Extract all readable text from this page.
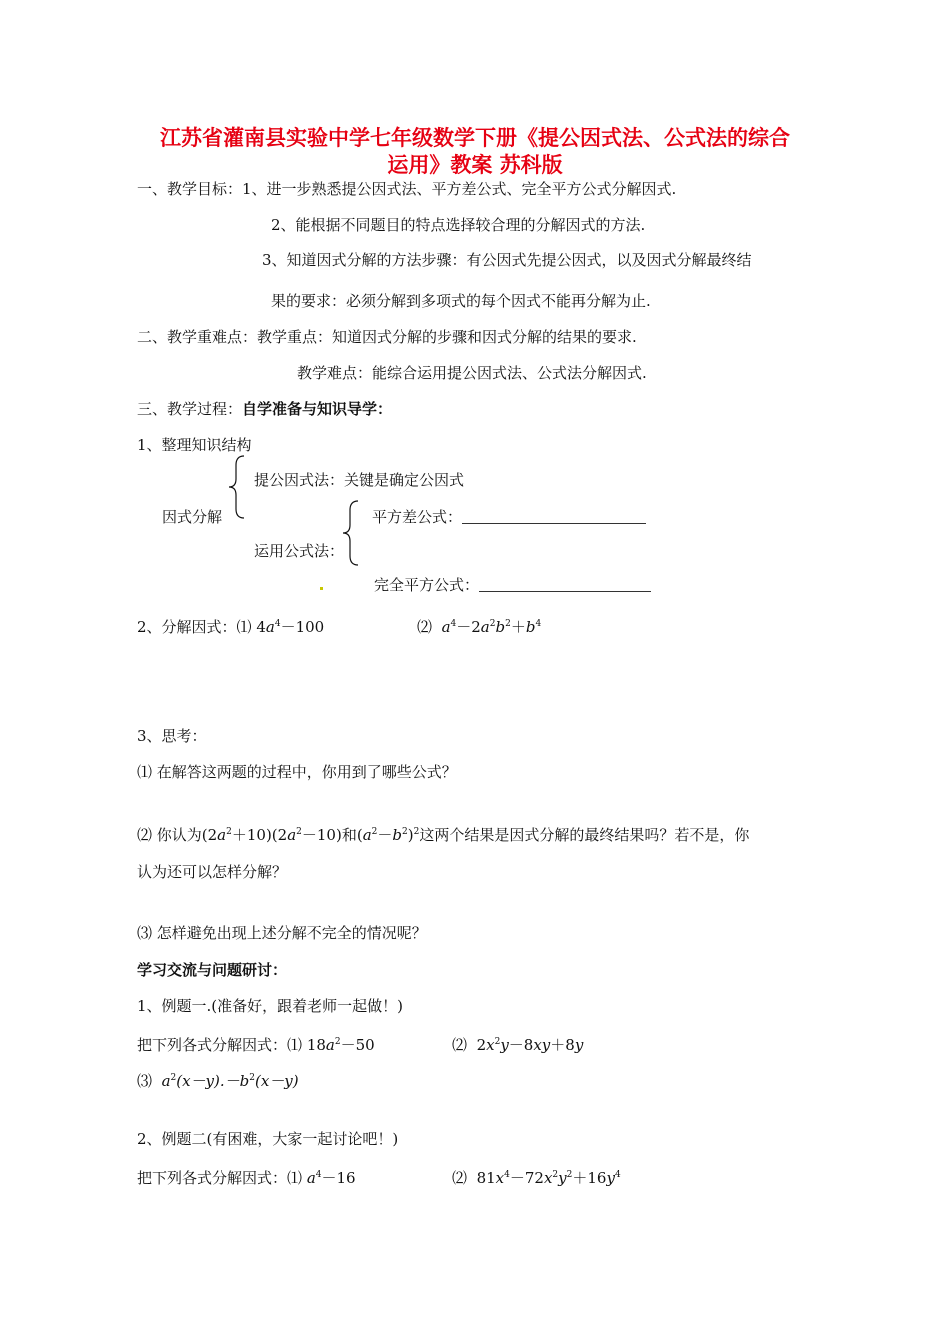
江苏省灌南县实验中学七年级数学下册《提公因式法、公式法的综合
运用》教案 苏科版
一、教学目标：1、进一步熟悉提公因式法、平方差公式、完全平方公式分解因式.
2、能根据不同题目的特点选择较合理的分解因式的方法.
3、知道因式分解的方法步骤：有公因式先提公因式，以及因式分解最终结
果的要求：必须分解到多项式的每个因式不能再分解为止.
二、教学重难点：教学重点：知道因式分解的步骤和因式分解的结果的要求.
教学难点：能综合运用提公因式法、公式法分解因式.
三、教学过程：自学准备与知识导学：
1、整理知识结构
提公因式法：关键是确定公因式
因式分解	平方差公式：
运用公式法：
完全平方公式：
2、分解因式：⑴ $4a^4-100$	⑵ $a^4-2a^2b^2+b^4$
3、思考：
⑴ 在解答这两题的过程中，你用到了哪些公式？
⑵ 你认为$(2a^2+10)(2a^2-10)$和$(a^2-b^2)^2$这两个结果是因式分解的最终结果吗？若不是，你
认为还可以怎样分解？
⑶ 怎样避免出现上述分解不完全的情况呢？
学习交流与问题研讨：
1、例题一.(准备好，跟着老师一起做！)
把下列各式分解因式：⑴ $18a^2-50$	⑵ $2x^2y-8xy+8y$
⑶ $a^2(x-y).-b^2(x-y)$
2、例题二(有困难，大家一起讨论吧！)
把下列各式分解因式：⑴ $a^4-16$	⑵ $81x^4-72x^2y^2+16y^4$
